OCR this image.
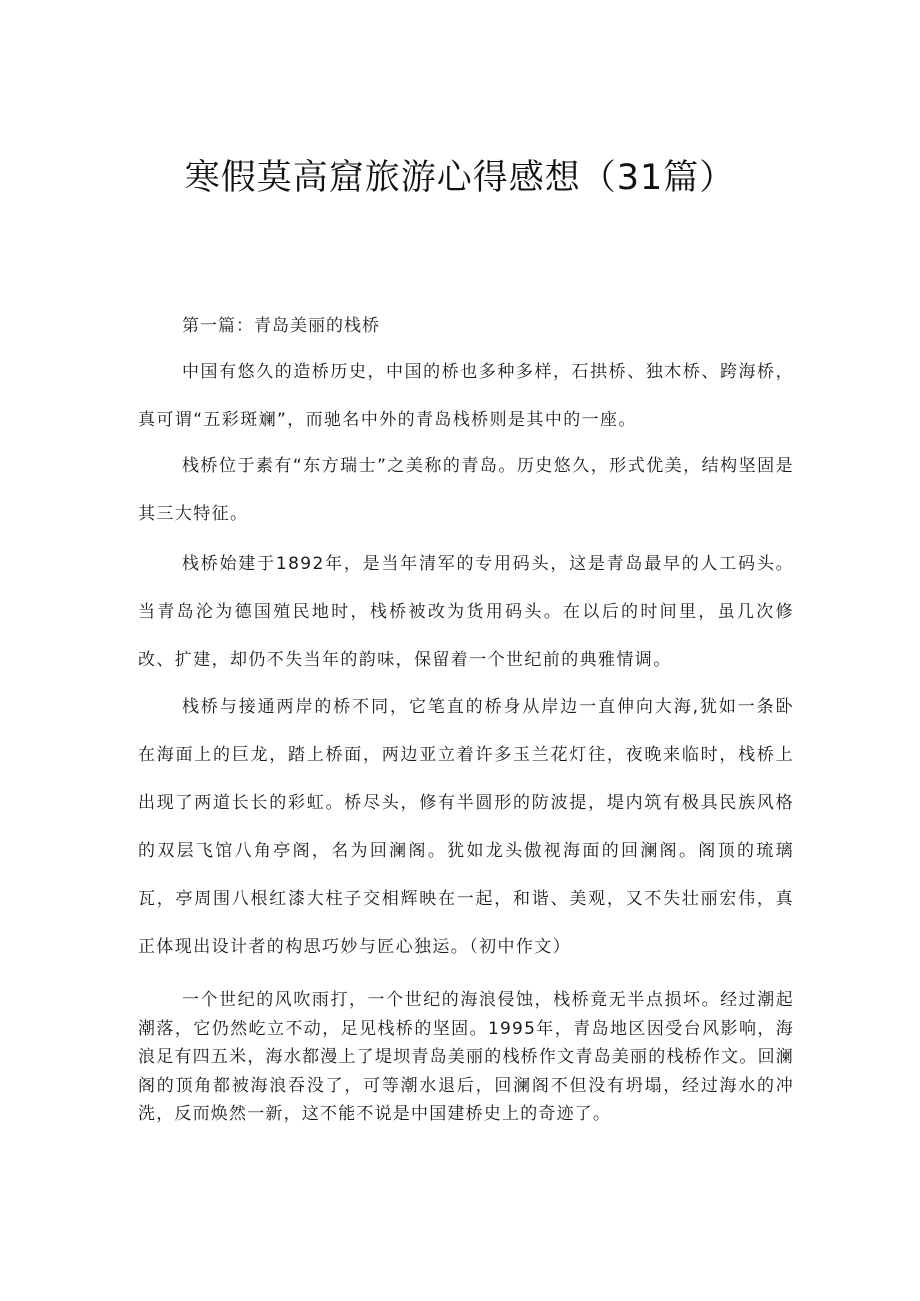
寒假莫高窟旅游心得感想（31篇）

第一篇：青岛美丽的栈桥

中国有悠久的造桥历史，中国的桥也多种多样，石拱桥、独木桥、跨海桥，真可谓“五彩斑斓”，而驰名中外的青岛栈桥则是其中的一座。

栈桥位于素有“东方瑞士”之美称的青岛。历史悠久，形式优美，结构坚固是其三大特征。

栈桥始建于1892年，是当年清军的专用码头，这是青岛最早的人工码头。当青岛沦为德国殖民地时，栈桥被改为货用码头。在以后的时间里，虽几次修改、扩建，却仍不失当年的韵味，保留着一个世纪前的典雅情调。

栈桥与接通两岸的桥不同，它笔直的桥身从岸边一直伸向大海,犹如一条卧在海面上的巨龙，踏上桥面，两边亚立着许多玉兰花灯往，夜晚来临时，栈桥上出现了两道长长的彩虹。桥尽头，修有半圆形的防波提，堤内筑有极具民族风格的双层飞馆八角亭阁，名为回澜阁。犹如龙头傲视海面的回澜阁。阁顶的琉璃瓦，亭周围八根红漆大柱子交相辉映在一起，和谐、美观，又不失壮丽宏伟，真正体现出设计者的构思巧妙与匠心独运。（初中作文）

一个世纪的风吹雨打，一个世纪的海浪侵蚀，栈桥竟无半点损坏。经过潮起潮落，它仍然屹立不动，足见栈桥的坚固。1995年，青岛地区因受台风影响，海浪足有四五米，海水都漫上了堤坝青岛美丽的栈桥作文青岛美丽的栈桥作文。回澜阁的顶角都被海浪吞没了，可等潮水退后，回澜阁不但没有坍塌，经过海水的冲洗，反而焕然一新，这不能不说是中国建桥史上的奇迹了。
